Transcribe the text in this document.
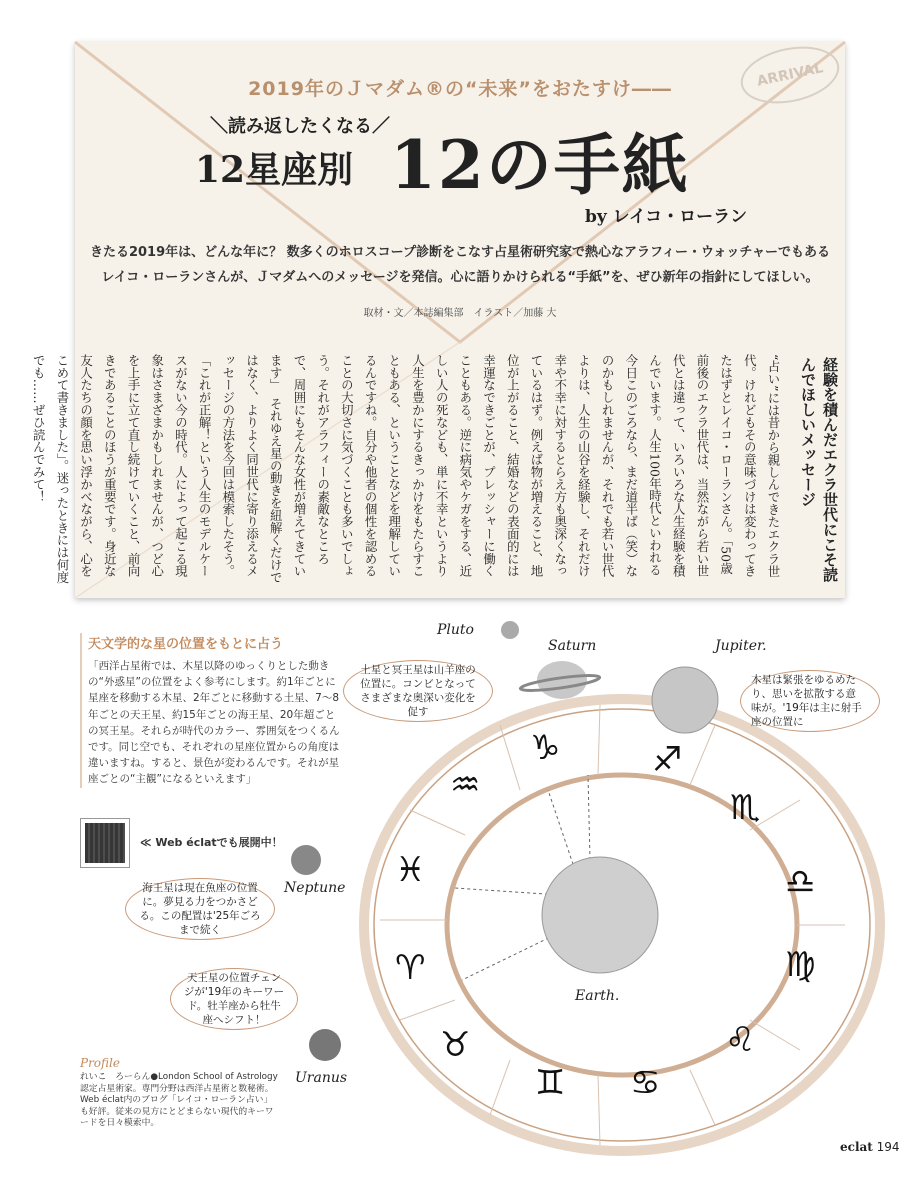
ARRIVAL
2019年のＪマダム®の“未来”をおたすけ――
＼読み返したくなる／
12星座別 12の手紙
by レイコ・ローラン
きたる2019年は、どんな年に？ 数多くのホロスコープ診断をこなす占星術研究家で熱心なアラフィー・ウォッチャーでもある
レイコ・ローランさんが、Ｊマダムへのメッセージを発信。心に語りかけられる“手紙”を、ぜひ新年の指針にしてほしい。
取材・文／本誌編集部　イラスト／加藤 大
経験を積んだエクラ世代にこそ読んでほしいメッセージ
“占い”には昔から親しんできたエクラ世代。けれどもその意味づけは変わってきたはずとレイコ・ローランさん。「50歳前後のエクラ世代は、当然ながら若い世代とは違って、いろいろな人生経験を積んでいます。人生100年時代といわれる今日このごろなら、まだ道半ば（笑）なのかもしれませんが、それでも若い世代よりは、人生の山谷を経験し、それだけ幸や不幸に対するとらえ方も奥深くなっているはず。例えば物が増えること、地位が上がること、結婚などの表面的には幸運なできごとが、プレッシャーに働くこともある。逆に病気やケガをする、近しい人の死なども、単に不幸というより人生を豊かにするきっかけをもたらすこともある、ということなどを理解しているんですね。自分や他者の個性を認めることの大切さに気づくことも多いでしょう。それがアラフィーの素敵なところで、周囲にもそんな女性が増えてきています」　それゆえ星の動きを紐解くだけではなく、よりよく同世代に寄り添えるメッセージの方法を今回は模索したそう。「これが正解！という人生のモデルケースがない今の時代。人によって起こる現象はさまざまかもしれませんが、つど心を上手に立て直し続けていくこと、前向きであることのほうが重要です。身近な友人たちの顔を思い浮かべながら、心をこめて書きました」。迷ったときには何度でも……ぜひ読んでみて！
天文学的な星の位置をもとに占う

「西洋占星術では、木星以降のゆっくりとした動きの“外惑星”の位置をよく参考にします。約1年ごとに星座を移動する木星、2年ごとに移動する土星、7～8年ごとの天王星、約15年ごとの海王星、20年超ごとの冥王星。それらが時代のカラー、雰囲気をつくるんです。同じ空でも、それぞれの星座位置からの角度は違いますね。すると、景色が変わるんです。それが星座ごとの“主観”になるといえます」

≪ Web éclatでも展開中！
Pluto
Saturn	Jupiter.
Neptune
Uranus
Earth.
♑	♐
♏
♎
♍
♌
♋
♊
♉
♈
♓
♒
土星と冥王星は山羊座の位置に。コンビとなってさまざまな奥深い変化を促す
木星は緊張をゆるめたり、思いを拡散する意味が。'19年は主に射手座の位置に
海王星は現在魚座の位置に。夢見る力をつかさどる。この配置は'25年ごろまで続く
天王星の位置チェンジが'19年のキーワード。牡羊座から牡牛座へシフト！
Profile

れいこ　ろーらん●London School of Astrology認定占星術家。専門分野は西洋占星術と数秘術。Web éclat内のブログ「レイコ・ローラン占い」も好評。従来の見方にとどまらない現代的キーワードを日々模索中。

eclat 194
